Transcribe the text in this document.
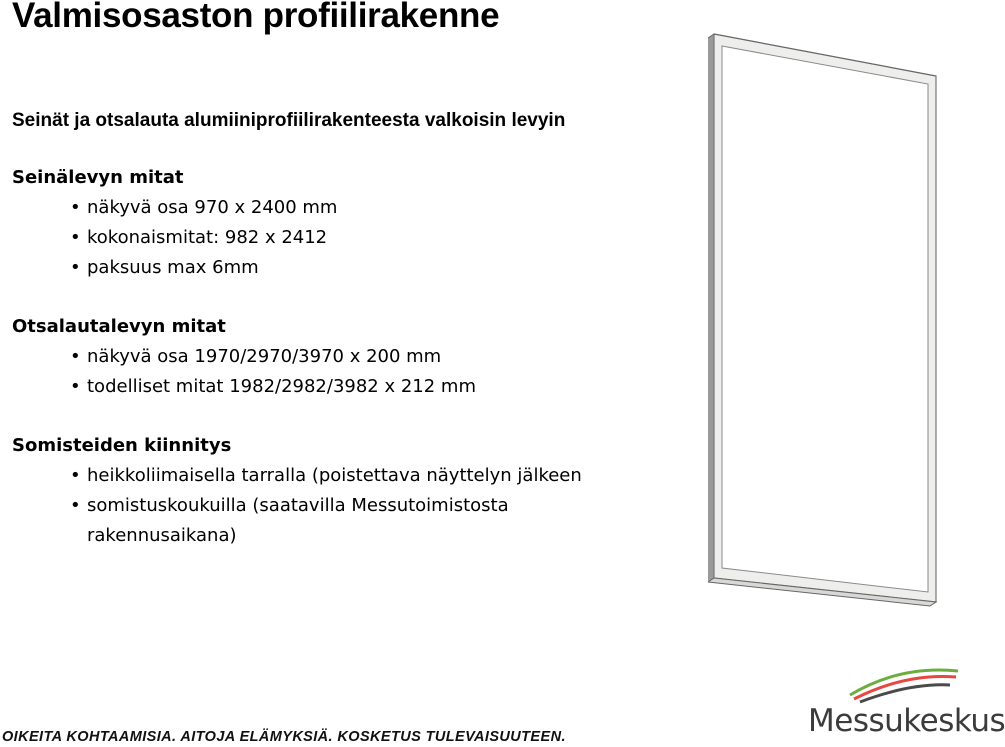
Valmisosaston profiilirakenne
Seinät ja otsalauta alumiiniprofiilirakenteesta valkoisin levyin
Seinälevyn mitat
• näkyvä osa 970 x 2400 mm
• kokonaismitat: 982 x 2412
• paksuus max 6mm
Otsalautalevyn mitat
• näkyvä osa 1970/2970/3970 x 200 mm
• todelliset mitat 1982/2982/3982 x 212 mm
Somisteiden kiinnitys
• heikkoliimaisella tarralla (poistettava näyttelyn jälkeen
• somistuskoukuilla (saatavilla Messutoimistosta
rakennusaikana)
OIKEITA KOHTAAMISIA. AITOJA ELÄMYKSIÄ. KOSKETUS TULEVAISUUTEEN.	Messukeskus
